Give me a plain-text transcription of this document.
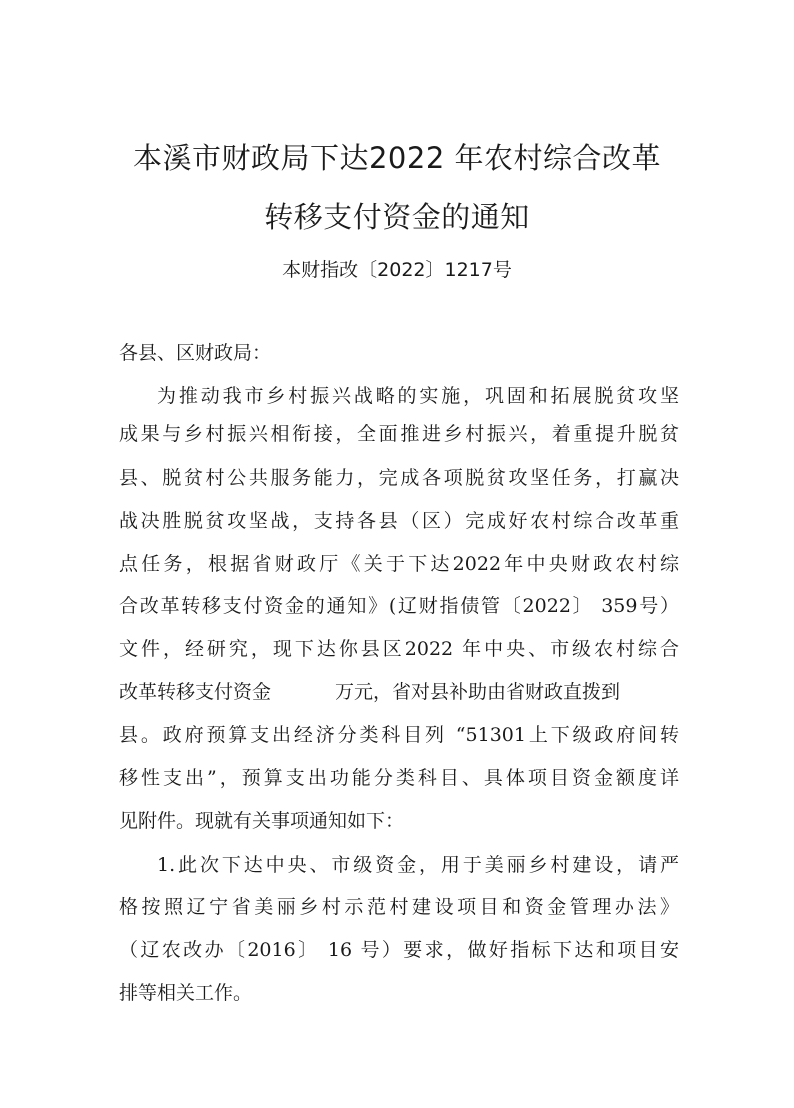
本溪市财政局下达2022 年农村综合改革
转移支付资金的通知
本财指改〔2022〕1217号
各县、区财政局：
为推动我市乡村振兴战略的实施，巩固和拓展脱贫攻坚
成果与乡村振兴相衔接，全面推进乡村振兴，着重提升脱贫
县、脱贫村公共服务能力，完成各项脱贫攻坚任务，打赢决
战决胜脱贫攻坚战，支持各县（区）完成好农村综合改革重
点任务，根据省财政厅《关于下达2022年中央财政农村综
合改革转移支付资金的通知》(辽财指债管〔2022〕 359号）
文件，经研究，现下达你县区2022 年中央、市级农村综合
改革转移支付资金	万元，省对县补助由省财政直拨到
县。政府预算支出经济分类科目列 “51301上下级政府间转
移性支出”，预算支出功能分类科目、具体项目资金额度详
见附件。现就有关事项通知如下：
1.此次下达中央、市级资金，用于美丽乡村建设，请严
格按照辽宁省美丽乡村示范村建设项目和资金管理办法》
（辽农改办〔2016〕 16 号）要求，做好指标下达和项目安
排等相关工作。
